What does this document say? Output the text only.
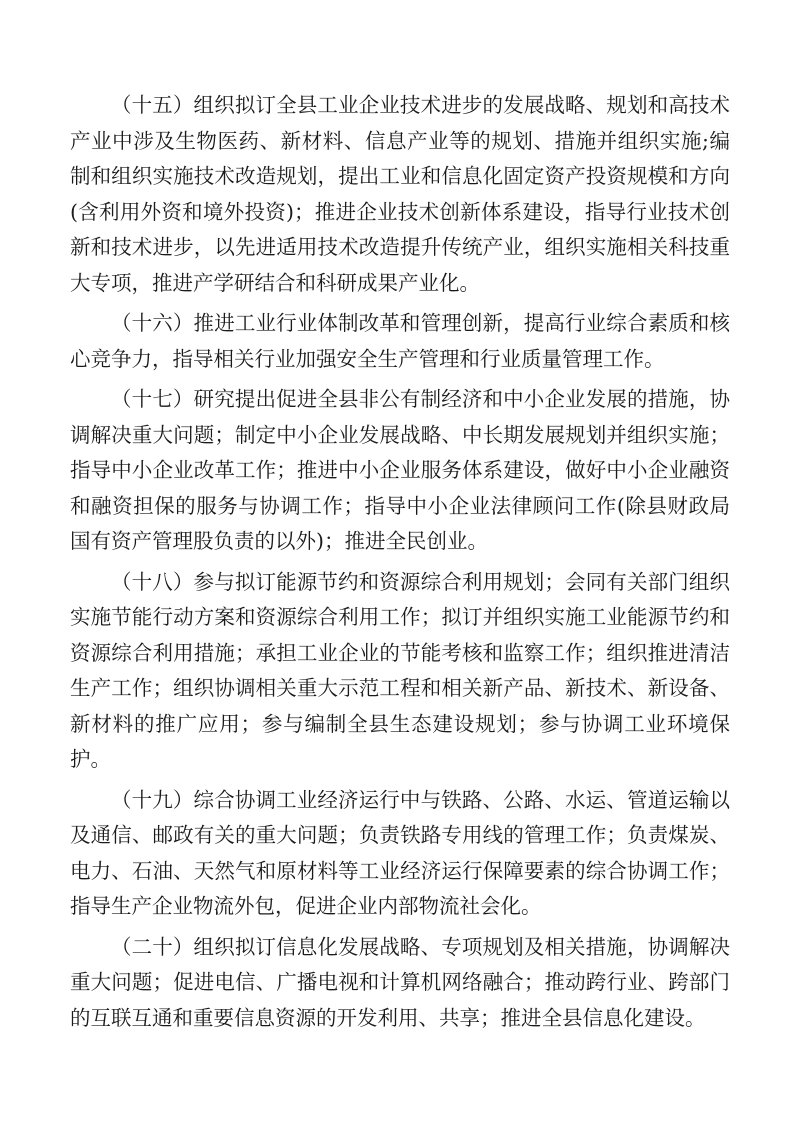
（十五）组织拟订全县工业企业技术进步的发展战略、规划和高技术产业中涉及生物医药、新材料、信息产业等的规划、措施并组织实施;编制和组织实施技术改造规划，提出工业和信息化固定资产投资规模和方向(含利用外资和境外投资)；推进企业技术创新体系建设，指导行业技术创新和技术进步，以先进适用技术改造提升传统产业，组织实施相关科技重大专项，推进产学研结合和科研成果产业化。

（十六）推进工业行业体制改革和管理创新，提高行业综合素质和核心竞争力，指导相关行业加强安全生产管理和行业质量管理工作。

（十七）研究提出促进全县非公有制经济和中小企业发展的措施，协调解决重大问题；制定中小企业发展战略、中长期发展规划并组织实施；指导中小企业改革工作；推进中小企业服务体系建设，做好中小企业融资和融资担保的服务与协调工作；指导中小企业法律顾问工作(除县财政局国有资产管理股负责的以外)；推进全民创业。

（十八）参与拟订能源节约和资源综合利用规划；会同有关部门组织实施节能行动方案和资源综合利用工作；拟订并组织实施工业能源节约和资源综合利用措施；承担工业企业的节能考核和监察工作；组织推进清洁生产工作；组织协调相关重大示范工程和相关新产品、新技术、新设备、新材料的推广应用；参与编制全县生态建设规划；参与协调工业环境保护。

（十九）综合协调工业经济运行中与铁路、公路、水运、管道运输以及通信、邮政有关的重大问题；负责铁路专用线的管理工作；负责煤炭、电力、石油、天然气和原材料等工业经济运行保障要素的综合协调工作；指导生产企业物流外包，促进企业内部物流社会化。

（二十）组织拟订信息化发展战略、专项规划及相关措施，协调解决重大问题；促进电信、广播电视和计算机网络融合；推动跨行业、跨部门的互联互通和重要信息资源的开发利用、共享；推进全县信息化建设。
